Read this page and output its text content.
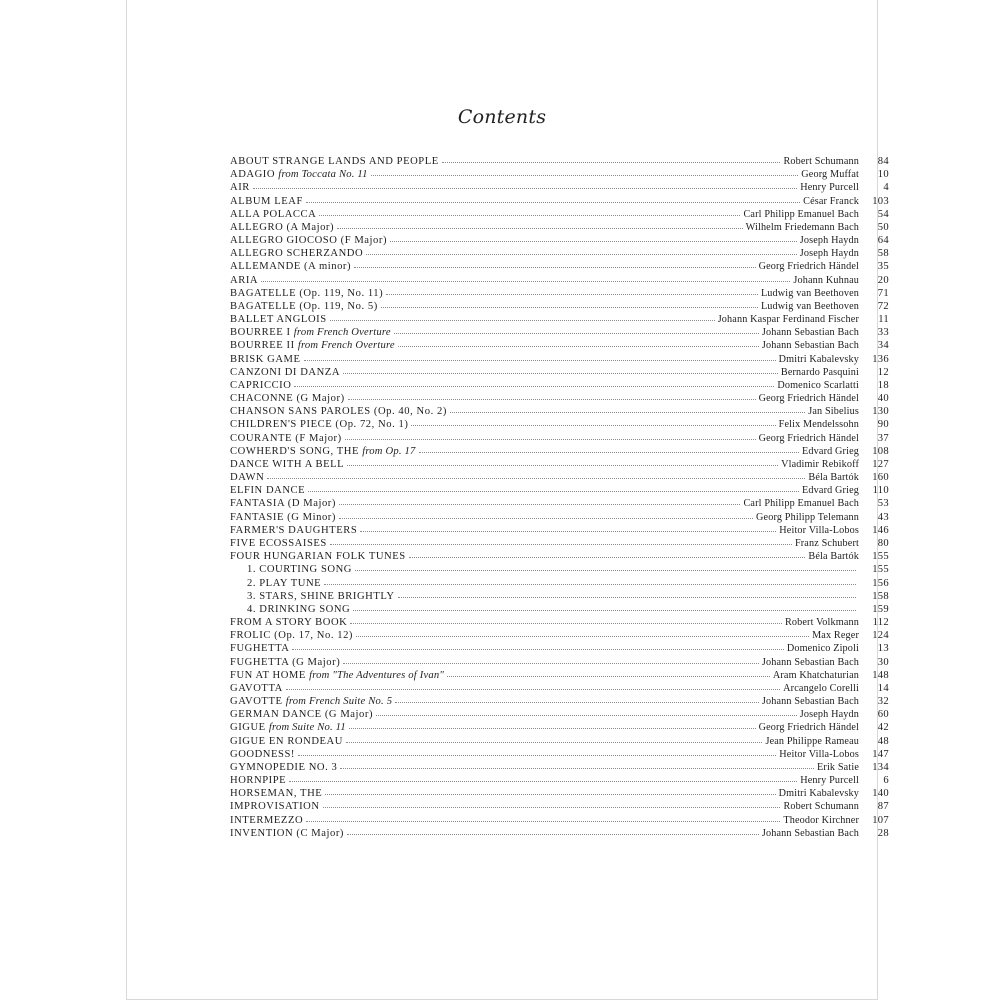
Contents
ABOUT STRANGE LANDS AND PEOPLE	Robert Schumann	84
ADAGIO from Toccata No. 11	Georg Muffat	10
AIR	Henry Purcell	4
ALBUM LEAF	César Franck	103
ALLA POLACCA	Carl Philipp Emanuel Bach	54
ALLEGRO (A Major)	Wilhelm Friedemann Bach	50
ALLEGRO GIOCOSO (F Major)	Joseph Haydn	64
ALLEGRO SCHERZANDO	Joseph Haydn	58
ALLEMANDE (A minor)	Georg Friedrich Händel	35
ARIA	Johann Kuhnau	20
BAGATELLE (Op. 119, No. 11)	Ludwig van Beethoven	71
BAGATELLE (Op. 119, No. 5)	Ludwig van Beethoven	72
BALLET ANGLOIS	Johann Kaspar Ferdinand Fischer	11
BOURREE I from French Overture	Johann Sebastian Bach	33
BOURREE II from French Overture	Johann Sebastian Bach	34
BRISK GAME	Dmitri Kabalevsky	136
CANZONI DI DANZA	Bernardo Pasquini	12
CAPRICCIO	Domenico Scarlatti	18
CHACONNE (G Major)	Georg Friedrich Händel	40
CHANSON SANS PAROLES (Op. 40, No. 2)	Jan Sibelius	130
CHILDREN'S PIECE (Op. 72, No. 1)	Felix Mendelssohn	90
COURANTE (F Major)	Georg Friedrich Händel	37
COWHERD'S SONG, THE from Op. 17	Edvard Grieg	108
DANCE WITH A BELL	Vladimir Rebikoff	127
DAWN	Béla Bartók	160
ELFIN DANCE	Edvard Grieg	110
FANTASIA (D Major)	Carl Philipp Emanuel Bach	53
FANTASIE (G Minor)	Georg Philipp Telemann	43
FARMER'S DAUGHTERS	Heitor Villa-Lobos	146
FIVE ECOSSAISES	Franz Schubert	80
FOUR HUNGARIAN FOLK TUNES	Béla Bartók	155
1. COURTING SONG	155
2. PLAY TUNE	156
3. STARS, SHINE BRIGHTLY	158
4. DRINKING SONG	159
FROM A STORY BOOK	Robert Volkmann	112
FROLIC (Op. 17, No. 12)	Max Reger	124
FUGHETTA	Domenico Zipoli	13
FUGHETTA (G Major)	Johann Sebastian Bach	30
FUN AT HOME from "The Adventures of Ivan"	Aram Khatchaturian	148
GAVOTTA	Arcangelo Corelli	14
GAVOTTE from French Suite No. 5	Johann Sebastian Bach	32
GERMAN DANCE (G Major)	Joseph Haydn	60
GIGUE from Suite No. 11	Georg Friedrich Händel	42
GIGUE EN RONDEAU	Jean Philippe Rameau	48
GOODNESS!	Heitor Villa-Lobos	147
GYMNOPEDIE NO. 3	Erik Satie	134
HORNPIPE	Henry Purcell	6
HORSEMAN, THE	Dmitri Kabalevsky	140
IMPROVISATION	Robert Schumann	87
INTERMEZZO	Theodor Kirchner	107
INVENTION (C Major)	Johann Sebastian Bach	28
